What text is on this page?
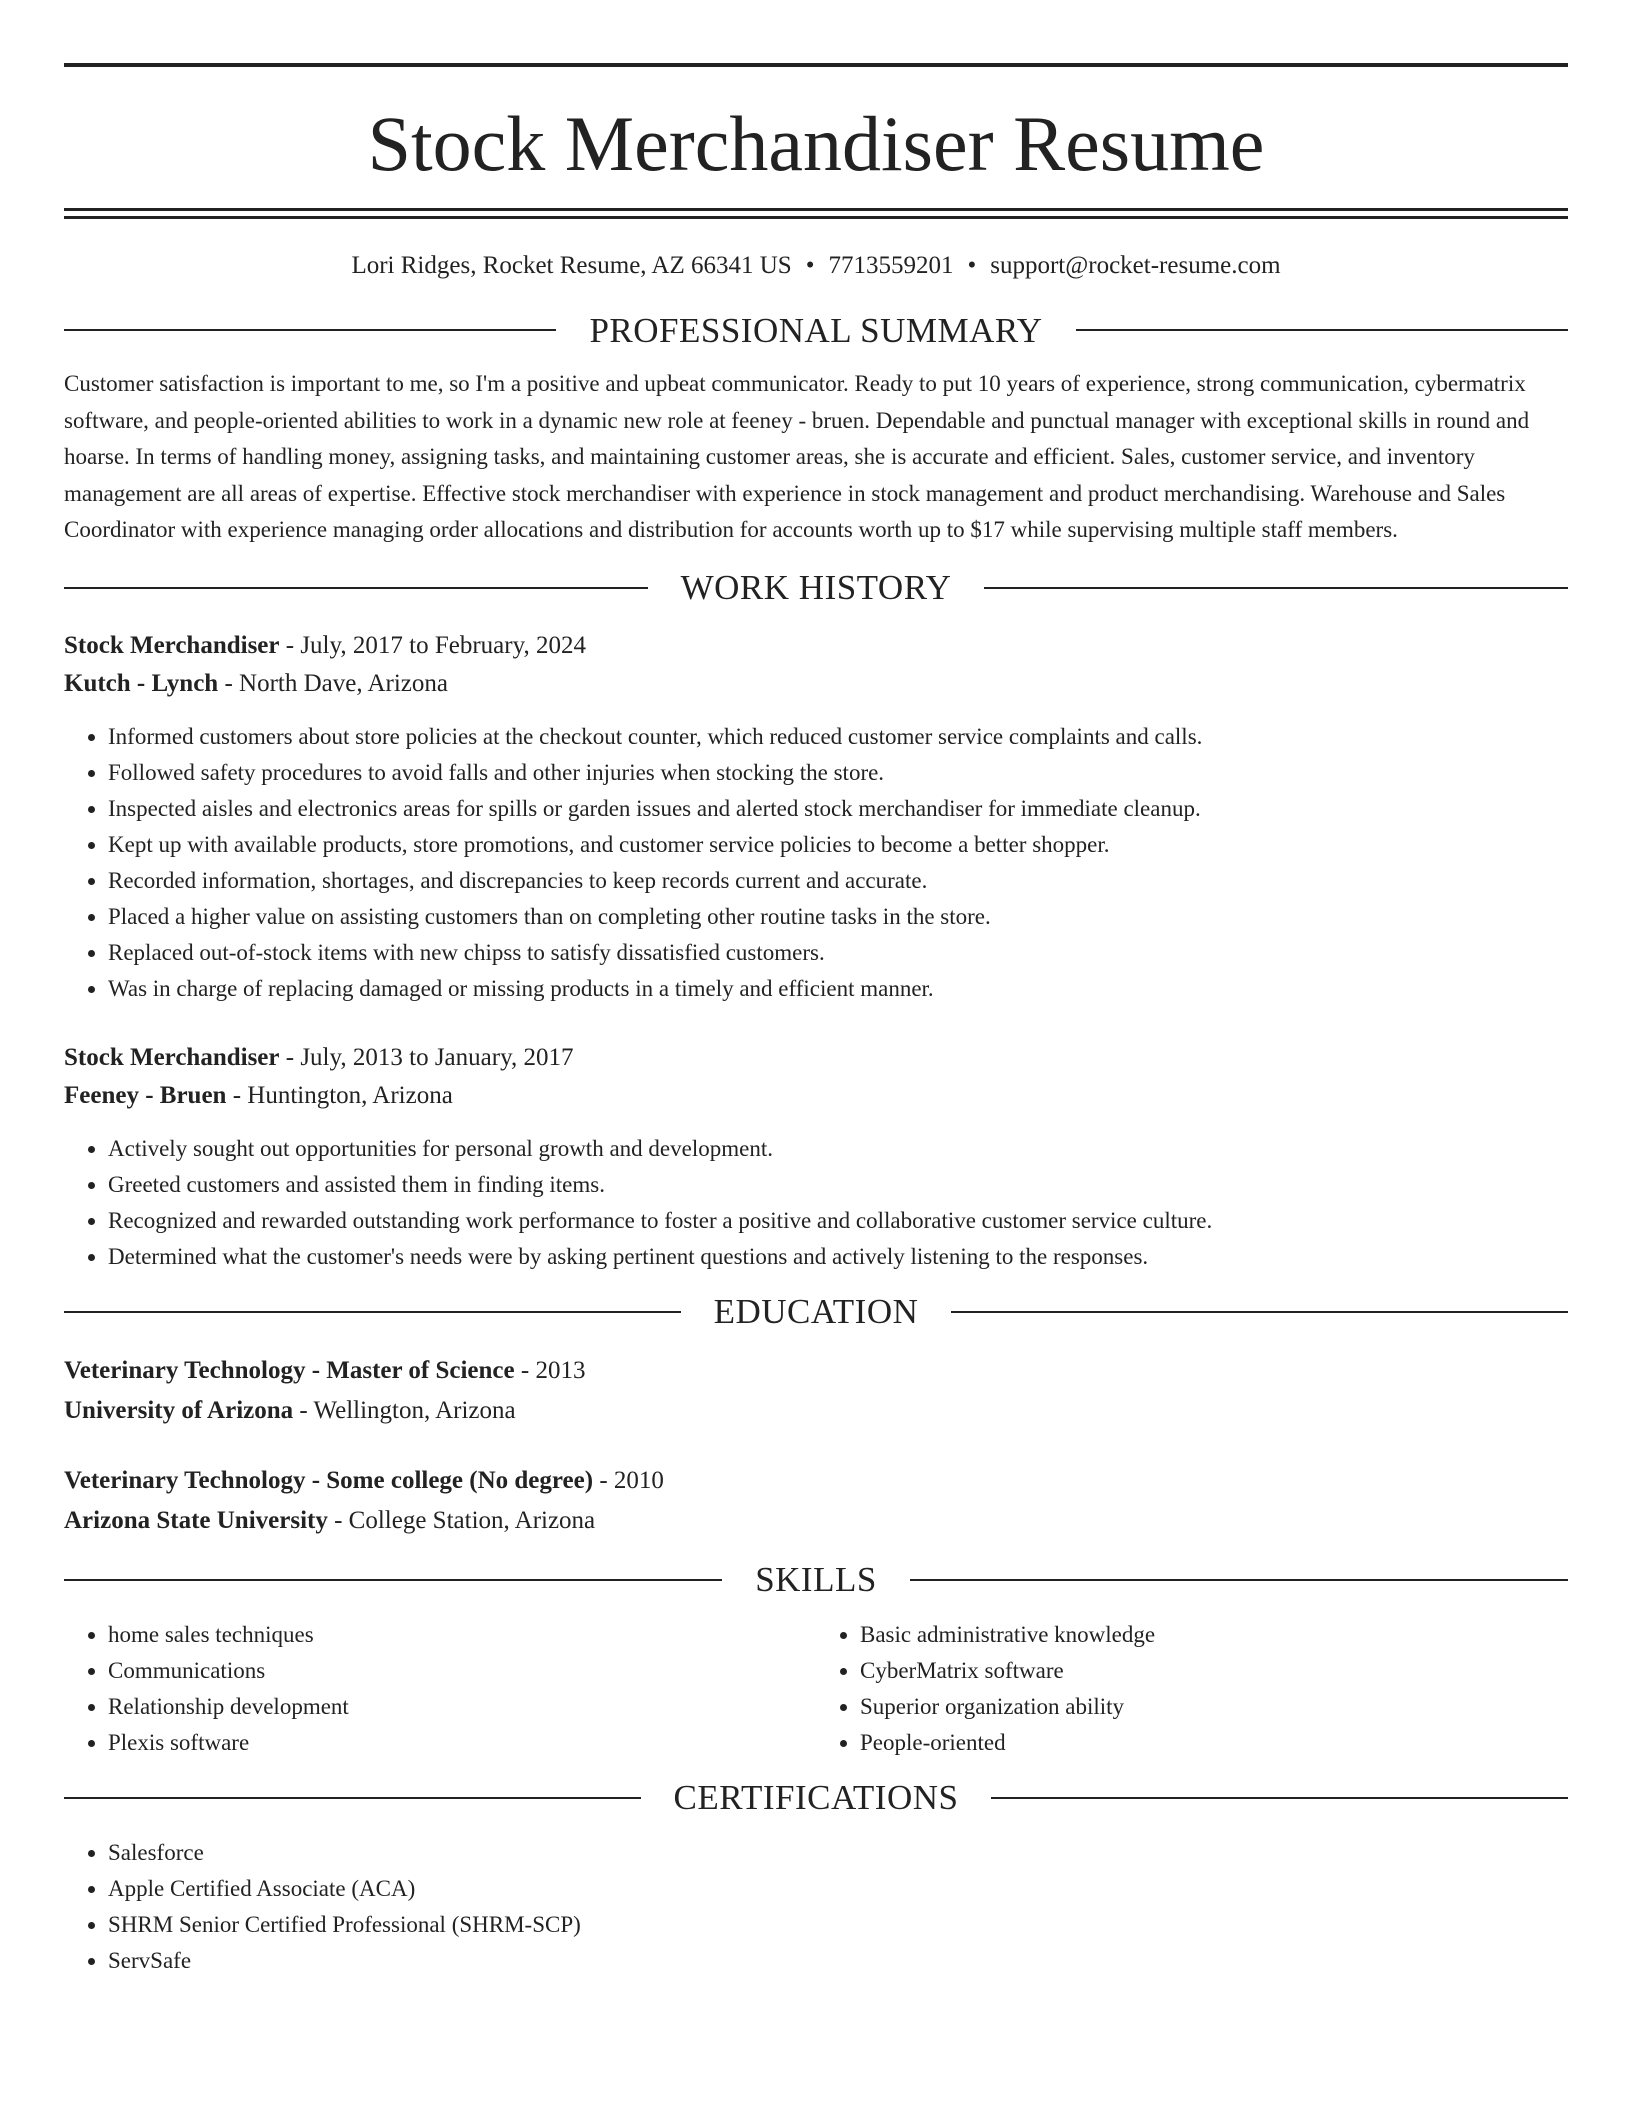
Stock Merchandiser Resume
Lori Ridges, Rocket Resume, AZ 66341 US • 7713559201 • support@rocket-resume.com
PROFESSIONAL SUMMARY

Customer satisfaction is important to me, so I'm a positive and upbeat communicator. Ready to put 10 years of experience, strong communication, cybermatrix software, and people-oriented abilities to work in a dynamic new role at feeney - bruen. Dependable and punctual manager with exceptional skills in round and hoarse. In terms of handling money, assigning tasks, and maintaining customer areas, she is accurate and efficient. Sales, customer service, and inventory management are all areas of expertise. Effective stock merchandiser with experience in stock management and product merchandising. Warehouse and Sales Coordinator with experience managing order allocations and distribution for accounts worth up to $17 while supervising multiple staff members.

WORK HISTORY
Stock Merchandiser - July, 2017 to February, 2024
Kutch - Lynch - North Dave, Arizona
• Informed customers about store policies at the checkout counter, which reduced customer service complaints and calls.
• Followed safety procedures to avoid falls and other injuries when stocking the store.
• Inspected aisles and electronics areas for spills or garden issues and alerted stock merchandiser for immediate cleanup.
• Kept up with available products, store promotions, and customer service policies to become a better shopper.
• Recorded information, shortages, and discrepancies to keep records current and accurate.
• Placed a higher value on assisting customers than on completing other routine tasks in the store.
• Replaced out-of-stock items with new chipss to satisfy dissatisfied customers.
• Was in charge of replacing damaged or missing products in a timely and efficient manner.
Stock Merchandiser - July, 2013 to January, 2017
Feeney - Bruen - Huntington, Arizona
• Actively sought out opportunities for personal growth and development.
• Greeted customers and assisted them in finding items.
• Recognized and rewarded outstanding work performance to foster a positive and collaborative customer service culture.
• Determined what the customer's needs were by asking pertinent questions and actively listening to the responses.
EDUCATION
Veterinary Technology - Master of Science - 2013
University of Arizona - Wellington, Arizona
Veterinary Technology - Some college (No degree) - 2010
Arizona State University - College Station, Arizona
SKILLS
• home sales techniques
• Communications
• Relationship development
• Plexis software
• Basic administrative knowledge
• CyberMatrix software
• Superior organization ability
• People-oriented
CERTIFICATIONS
• Salesforce
• Apple Certified Associate (ACA)
• SHRM Senior Certified Professional (SHRM-SCP)
• ServSafe
